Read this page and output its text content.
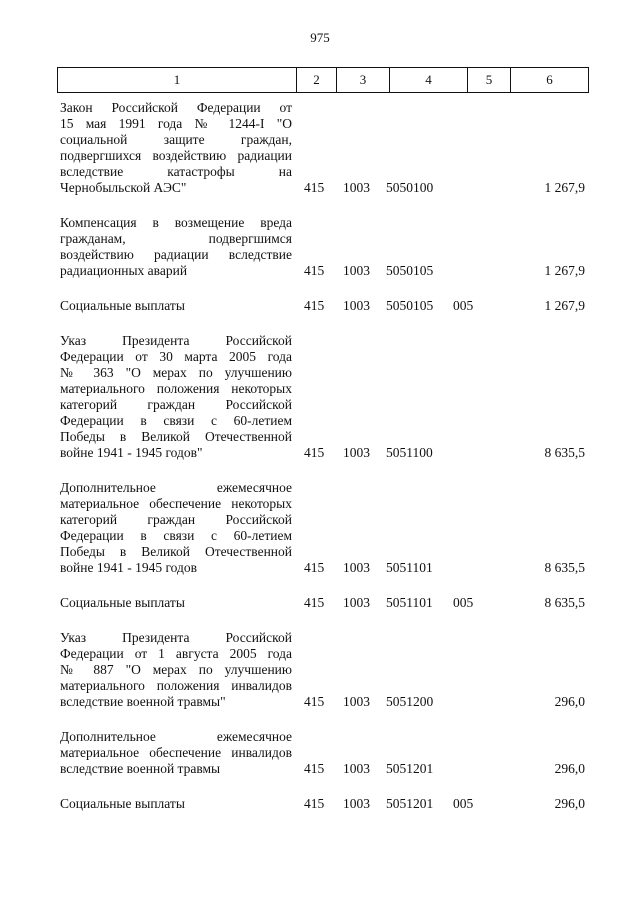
975
1	2	3	4	5	6
Закон Российской Федерации от
15 мая 1991 года № 1244-I "О
социальной защите граждан,
подвергшихся воздействию радиации
вследствие катастрофы на
Чернобыльской АЭС"	415 1003 5050100	1 267,9
Компенсация в возмещение вреда
гражданам, подвергшимся
воздействию радиации вследствие
радиационных аварий	415 1003 5050105	1 267,9
Социальные выплаты	415 1003 5050105 005	1 267,9
Указ Президента Российской
Федерации от 30 марта 2005 года
№ 363 "О мерах по улучшению
материального положения некоторых
категорий граждан Российской
Федерации в связи с 60-летием
Победы в Великой Отечественной
войне 1941 - 1945 годов"	415 1003 5051100	8 635,5
Дополнительное ежемесячное
материальное обеспечение некоторых
категорий граждан Российской
Федерации в связи с 60-летием
Победы в Великой Отечественной
войне 1941 - 1945 годов	415 1003 5051101	8 635,5
Социальные выплаты	415 1003 5051101 005	8 635,5
Указ Президента Российской
Федерации от 1 августа 2005 года
№ 887 "О мерах по улучшению
материального положения инвалидов
вследствие военной травмы"	415 1003 5051200	296,0
Дополнительное ежемесячное
материальное обеспечение инвалидов
вследствие военной травмы	415 1003 5051201	296,0
Социальные выплаты	415 1003 5051201 005	296,0
